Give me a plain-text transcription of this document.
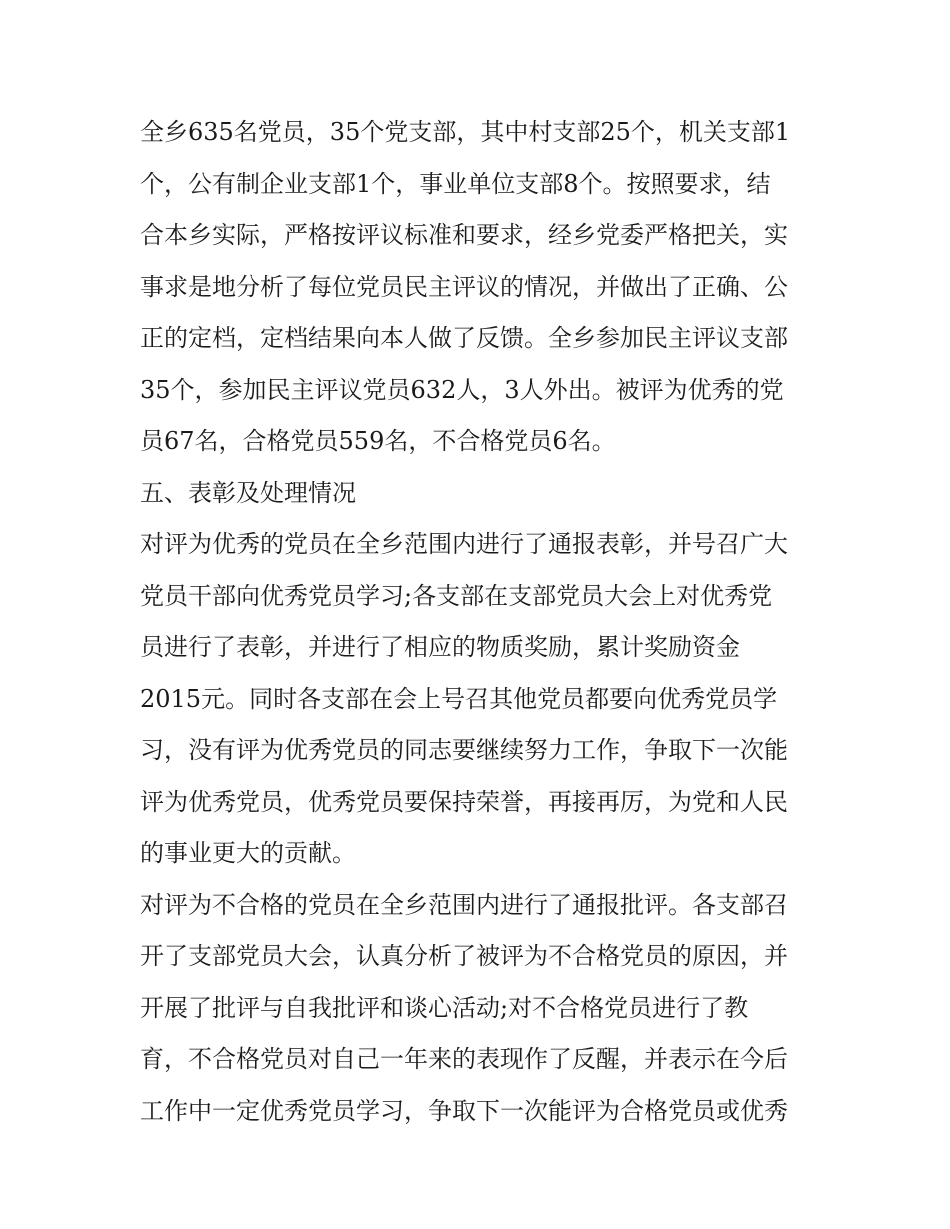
全乡635名党员，35个党支部，其中村支部25个，机关支部1
个，公有制企业支部1个，事业单位支部8个。按照要求，结
合本乡实际，严格按评议标准和要求，经乡党委严格把关，实
事求是地分析了每位党员民主评议的情况，并做出了正确、公
正的定档，定档结果向本人做了反馈。全乡参加民主评议支部
35个，参加民主评议党员632人，3人外出。被评为优秀的党
员67名，合格党员559名，不合格党员6名。
五、表彰及处理情况
对评为优秀的党员在全乡范围内进行了通报表彰，并号召广大
党员干部向优秀党员学习;各支部在支部党员大会上对优秀党
员进行了表彰，并进行了相应的物质奖励，累计奖励资金
2015元。同时各支部在会上号召其他党员都要向优秀党员学
习，没有评为优秀党员的同志要继续努力工作，争取下一次能
评为优秀党员，优秀党员要保持荣誉，再接再厉，为党和人民
的事业更大的贡献。
对评为不合格的党员在全乡范围内进行了通报批评。各支部召
开了支部党员大会，认真分析了被评为不合格党员的原因，并
开展了批评与自我批评和谈心活动;对不合格党员进行了教
育，不合格党员对自己一年来的表现作了反醒，并表示在今后
工作中一定优秀党员学习，争取下一次能评为合格党员或优秀
